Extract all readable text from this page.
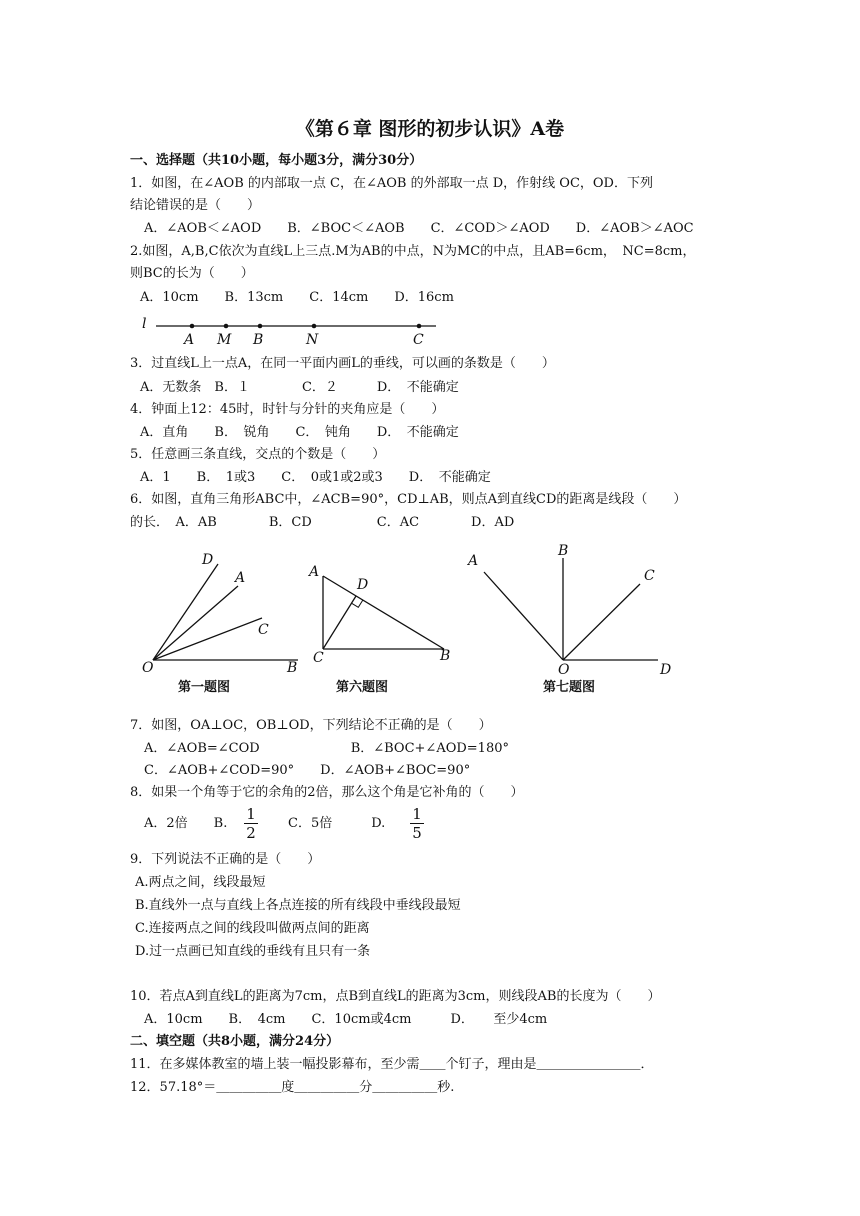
《第６章 图形的初步认识》A卷
一、选择题（共10小题，每小题3分，满分30分）
1．如图，在∠AOB 的内部取一点 C，在∠AOB 的外部取一点 D，作射线 OC，OD．下列
结论错误的是（　　）
A．∠AOB＜∠AOD　　B．∠BOC＜∠AOB　　C．∠COD＞∠AOD　　D．∠AOB＞∠AOC
2.如图，A,B,C依次为直线L上三点.M为AB的中点，N为MC的中点，且AB=6cm，　NC=8cm，
则BC的长为（　　）
A．10cm　　B．13cm　　C．14cm　　D．16cm
l
A M B	N	C
3．过直线L上一点A，在同一平面内画L的垂线，可以画的条数是（　　）
A．无数条　B．１　　　　C．２　　　D．　不能确定
4．钟面上12：45时，时针与分针的夹角应是（　　）
A．直角　　B．　锐角　　C．　钝角　　D．　不能确定
5．任意画三条直线，交点的个数是（　　）
A．1　　B．　1或3　　C．　0或1或2或3　　D．　不能确定
6．如图，直角三角形ABC中，∠ACB=90°，CD⊥AB，则点A到直线CD的距离是线段（　　）
的长．　A．AB　　　　B．CD　　　　　C．AC　　　　D．AD
D
A
C
O	B
第一题图
A
D
C	B
第六题图
A
B
C
O	D
第七题图
7．如图，OA⊥OC，OB⊥OD，下列结论不正确的是（　　）
A．∠AOB=∠COD　　　　　　　B．∠BOC+∠AOD=180°
C．∠AOB+∠COD=90°　　D．∠AOB+∠BOC=90°
8．如果一个角等于它的余角的2倍，那么这个角是它补角的（　　）
A．2倍　　B.
1
2
C．5倍　　　D.
1
5
9．下列说法不正确的是（　　）
A.两点之间，线段最短
B.直线外一点与直线上各点连接的所有线段中垂线段最短
C.连接两点之间的线段叫做两点间的距离
D.过一点画已知直线的垂线有且只有一条
10．若点A到直线L的距离为7cm，点B到直线L的距离为3cm，则线段AB的长度为（　　）
A．10cm　　B．　4cm　　C．10cm或4cm　　　D．　　至少4cm
二、填空题（共8小题，满分24分）
11．在多媒体教室的墙上装一幅投影幕布，至少需＿＿个钉子，理由是＿＿＿＿＿＿＿＿．
12．57.18°＝＿＿＿＿＿度＿＿＿＿＿分＿＿＿＿＿秒.
